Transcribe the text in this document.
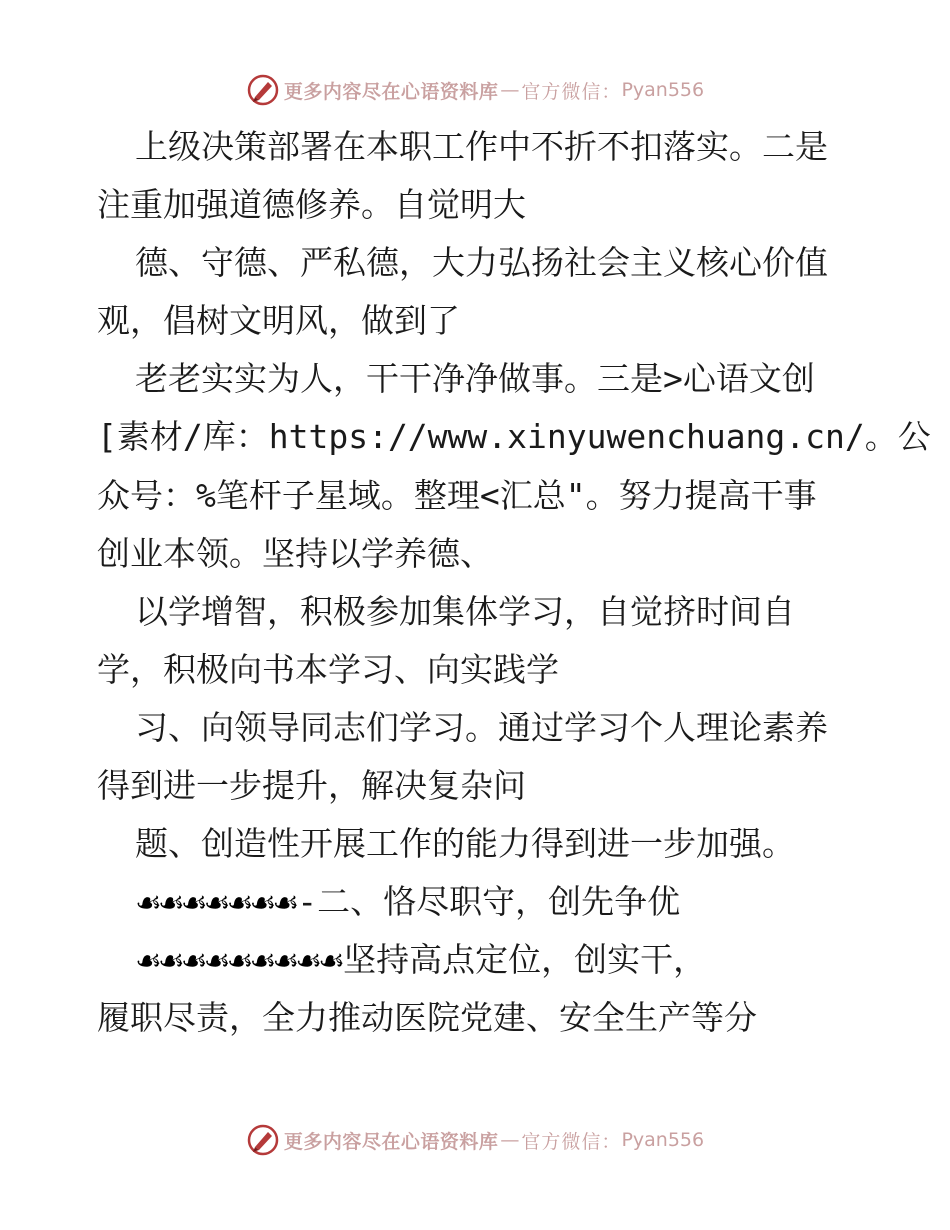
更多内容尽在心语资料库 — 官方微信： Pyan556
上级决策部署在本职工作中不折不扣落实。二是
注重加强道德修养。自觉明大
德、守德、严私德，大力弘扬社会主义核心价值
观，倡树文明风，做到了
老老实实为人，干干净净做事。三是>心语文创
[素材/库：https://www.xinyuwenchuang.cn/。公
众号：%笔杆子星域。整理<汇总"。努力提高干事
创业本领。坚持以学养德、
以学增智，积极参加集体学习，自觉挤时间自
学，积极向书本学习、向实践学
习、向领导同志们学习。通过学习个人理论素养
得到进一步提升，解决复杂问
题、创造性开展工作的能力得到进一步加强。
☙☙☙☙☙☙☙-二、恪尽职守，创先争优
☙☙☙☙☙☙☙☙☙坚持高点定位，创实干，
履职尽责，全力推动医院党建、安全生产等分
更多内容尽在心语资料库 — 官方微信： Pyan556
